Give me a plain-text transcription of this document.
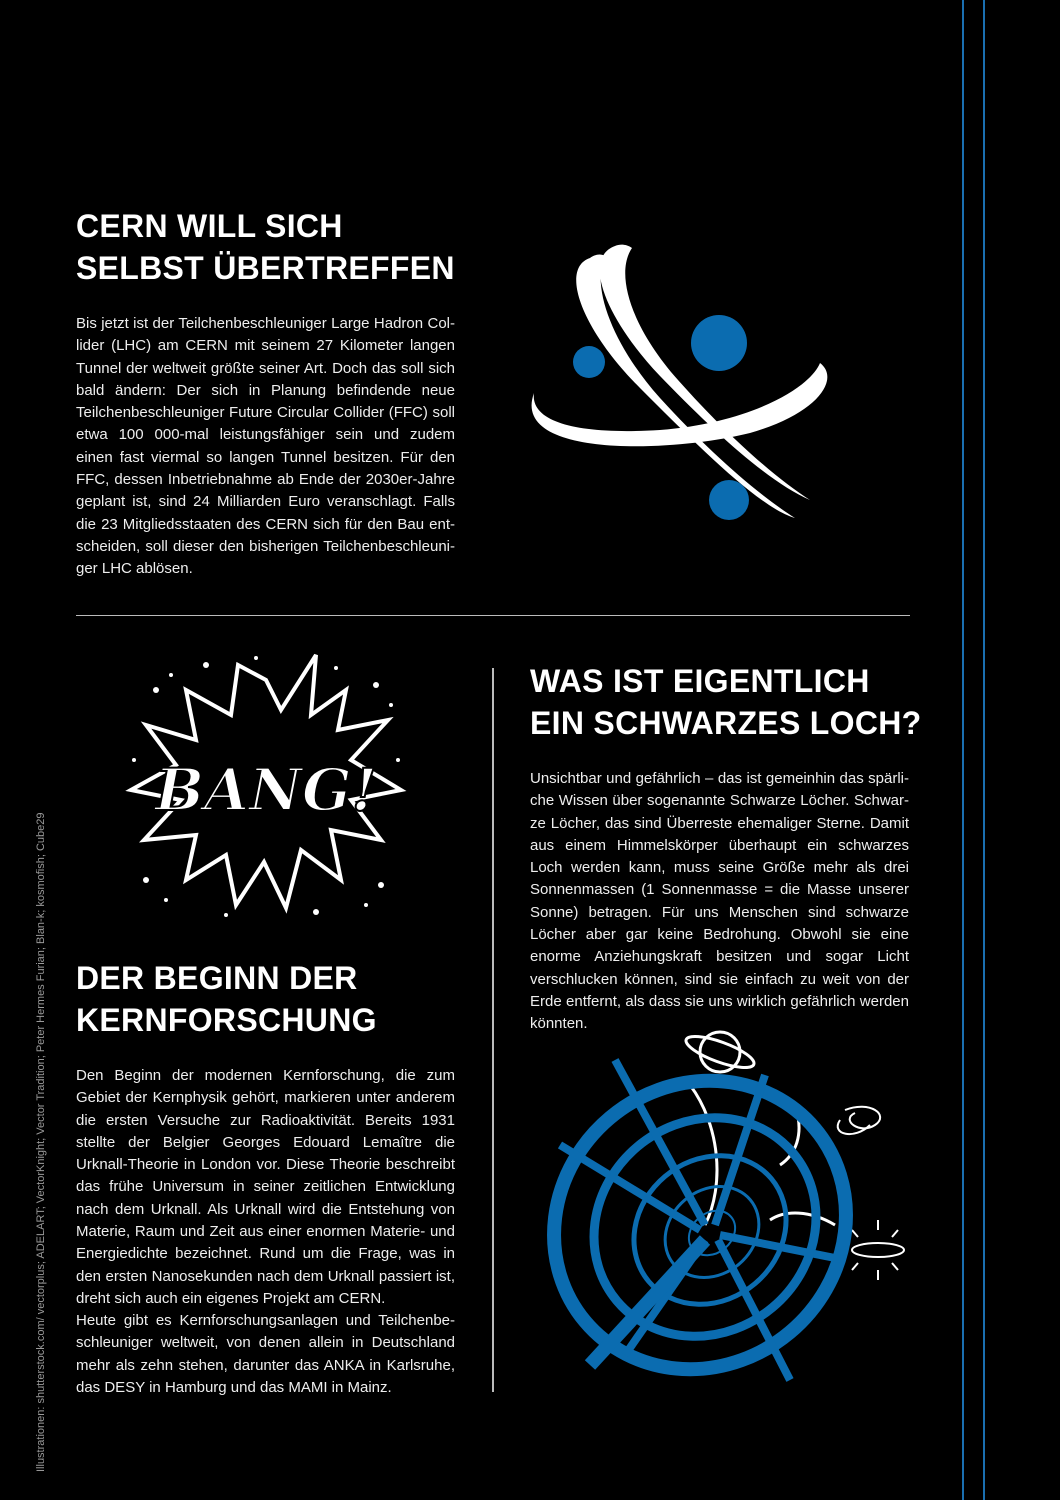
Illustrationen: shutterstock.com/ vectorplus; ADELART; VectorKnight; Vector Tradition; Peter Hermes Furian; Blan-k; kosmofish; Cube29
CERN WILL SICH
SELBST ÜBERTREFFEN

Bis jetzt ist der Teilchenbeschleuniger Large Hadron Collider (LHC) am CERN mit seinem 27 Kilometer langen Tunnel der weltweit größte seiner Art. Doch das soll sich bald ändern: Der sich in Planung befindende neue Teilchenbeschleuniger Future Circular Collider (FFC) soll etwa 100 000-mal leistungsfähiger sein und zudem einen fast viermal so langen Tunnel besitzen. Für den FFC, dessen Inbetriebnahme ab Ende der 2030er-Jahre geplant ist, sind 24 Milliarden Euro veranschlagt. Falls die 23 Mitgliedsstaaten des CERN sich für den Bau entscheiden, soll dieser den bisherigen Teilchenbeschleuniger LHC ablösen.

BANG!
DER BEGINN DER
KERNFORSCHUNG

Den Beginn der modernen Kernforschung, die zum Gebiet der Kernphysik gehört, markieren unter anderem die ersten Versuche zur Radioaktivität. Bereits 1931 stellte der Belgier Georges Edouard Lemaître die Urknall-Theorie in London vor. Diese Theorie beschreibt das frühe Universum in seiner zeitlichen Entwicklung nach dem Urknall. Als Urknall wird die Entstehung von Materie, Raum und Zeit aus einer enormen Materie- und Energiedichte bezeichnet. Rund um die Frage, was in den ersten Nanosekunden nach dem Urknall passiert ist, dreht sich auch ein eigenes Projekt am CERN.

Heute gibt es Kernforschungsanlagen und Teilchenbeschleuniger weltweit, von denen allein in Deutschland mehr als zehn stehen, darunter das ANKA in Karlsruhe, das DESY in Hamburg und das MAMI in Mainz.

WAS IST EIGENTLICH
EIN SCHWARZES LOCH?

Unsichtbar und gefährlich – das ist gemeinhin das spärliche Wissen über sogenannte Schwarze Löcher. Schwarze Löcher, das sind Überreste ehemaliger Sterne. Damit aus einem Himmelskörper überhaupt ein schwarzes Loch werden kann, muss seine Größe mehr als drei Sonnenmassen (1 Sonnenmasse = die Masse unserer Sonne) betragen. Für uns Menschen sind schwarze Löcher aber gar keine Bedrohung. Obwohl sie eine enorme Anziehungskraft besitzen und sogar Licht verschlucken können, sind sie einfach zu weit von der Erde entfernt, als dass sie uns wirklich gefährlich werden könnten.
